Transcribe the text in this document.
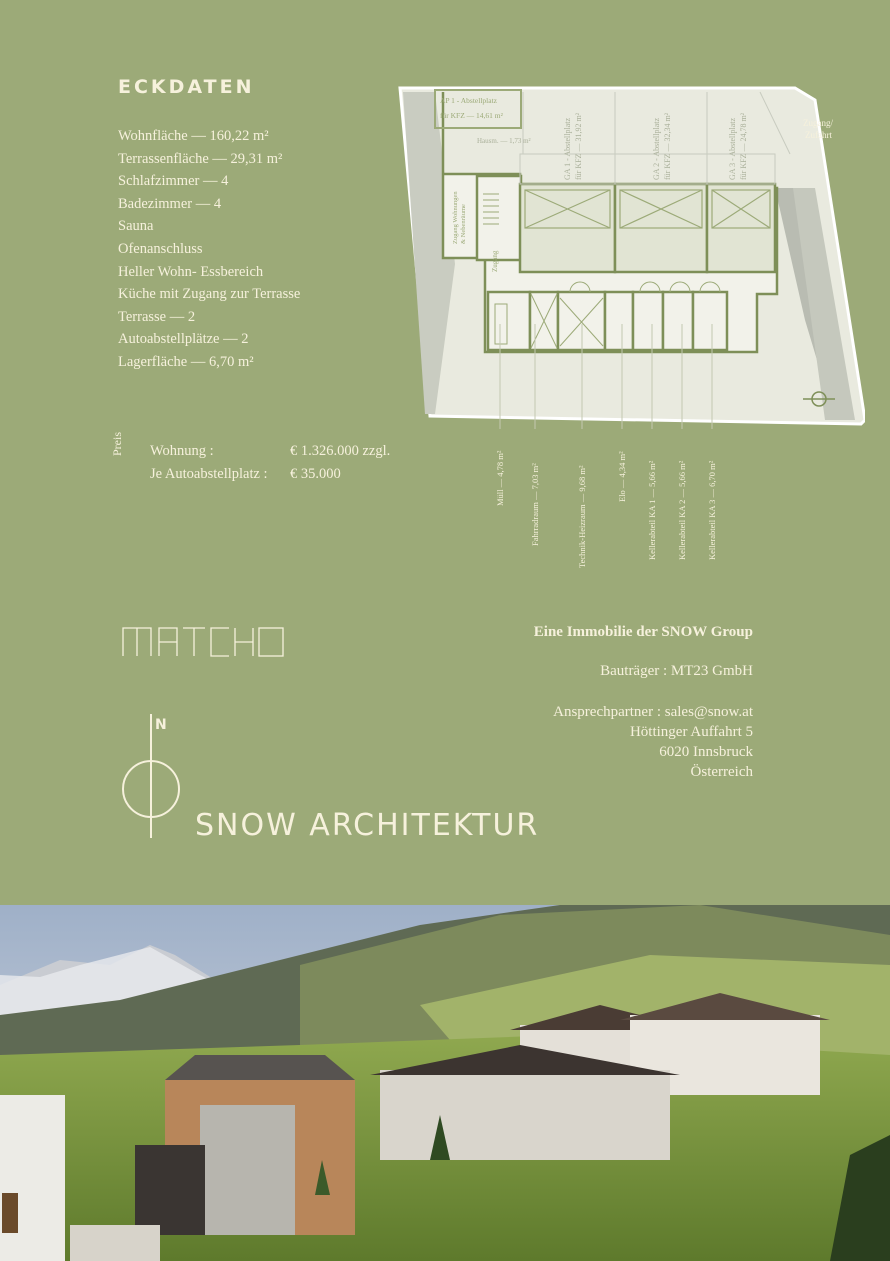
ECKDATEN
Wohnfläche — 160,22 m²
Terrassenfläche — 29,31 m²
Schlafzimmer — 4
Badezimmer — 4
Sauna
Ofenanschluss
Heller Wohn- Essbereich
Küche mit Zugang zur Terrasse
Terrasse — 2
Autoabstellplätze — 2
Lagerfläche — 6,70 m²
Preis Wohnung :	€ 1.326.000 zzgl.
Je Autoabstellplatz : € 35.000
AP 1 - Abstellplatz
für KFZ — 14,61 m²
Hausm. — 1,73 m²	GA 1 - Abstellplatz für KFZ — 31,92 m²	GA 2 - Abstellplatz für KFZ — 32,34 m²	GA 3 - Abstellplatz für KFZ — 24,78 m²	Zugang/
Zufahrt
Zugang Wohnungen & Nebenräume
Zugang
Müll — 4,78 m²	Fahrradraum — 7,03 m²	Technik-Heizraum — 9,68 m²	Elo — 4,34 m² Kellerabteil KA 1 — 5,66 m² Kellerabteil KA 2 — 5,66 m² Kellerabteil KA 3 — 6,70 m²
Eine Immobilie der SNOW Group
Bauträger : MT23 GmbH
Ansprechpartner : sales@snow.at
Höttinger Auffahrt 5
6020 Innsbruck
Österreich
N
SNOW ARCHITEKTUR
